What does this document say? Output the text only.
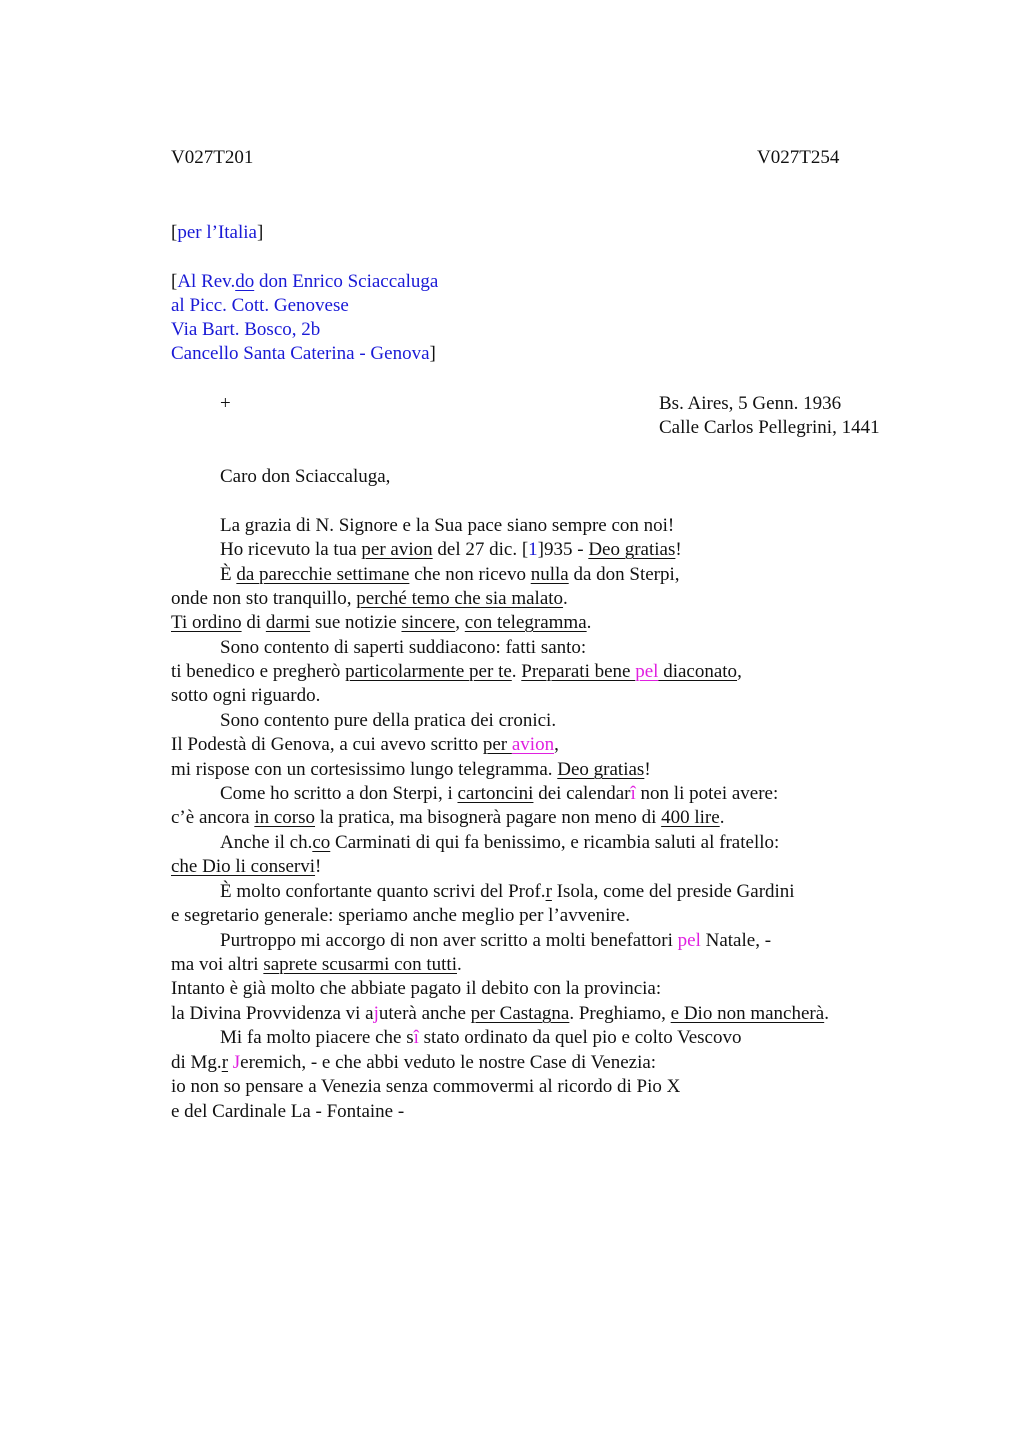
V027T201	V027T254
[per l’Italia]
[Al Rev.do don Enrico Sciaccaluga
al Picc. Cott. Genovese
Via Bart. Bosco, 2b
Cancello Santa Caterina - Genova]
+	Bs. Aires, 5 Genn. 1936
Calle Carlos Pellegrini, 1441
Caro don Sciaccaluga,
La grazia di N. Signore e la Sua pace siano sempre con noi!
Ho ricevuto la tua per avion del 27 dic. [1]935 - Deo gratias!
È da parecchie settimane che non ricevo nulla da don Sterpi,
onde non sto tranquillo, perché temo che sia malato.
Ti ordino di darmi sue notizie sincere, con telegramma.
Sono contento di saperti suddiacono: fatti santo:
ti benedico e pregherò particolarmente per te. Preparati bene pel diaconato,
sotto ogni riguardo.
Sono contento pure della pratica dei cronici.
Il Podestà di Genova, a cui avevo scritto per avion,
mi rispose con un cortesissimo lungo telegramma. Deo gratias!
Come ho scritto a don Sterpi, i cartoncini dei calendarî non li potei avere:
c’è ancora in corso la pratica, ma bisognerà pagare non meno di 400 lire.
Anche il ch.co Carminati di qui fa benissimo, e ricambia saluti al fratello:
che Dio li conservi!
È molto confortante quanto scrivi del Prof.r Isola, come del preside Gardini
e segretario generale: speriamo anche meglio per l’avvenire.
Purtroppo mi accorgo di non aver scritto a molti benefattori pel Natale, -
ma voi altri saprete scusarmi con tutti.
Intanto è già molto che abbiate pagato il debito con la provincia:
la Divina Provvidenza vi ajuterà anche per Castagna. Preghiamo, e Dio non mancherà.
Mi fa molto piacere che sî stato ordinato da quel pio e colto Vescovo
di Mg.r Jeremich, - e che abbi veduto le nostre Case di Venezia:
io non so pensare a Venezia senza commovermi al ricordo di Pio X
e del Cardinale La - Fontaine -
